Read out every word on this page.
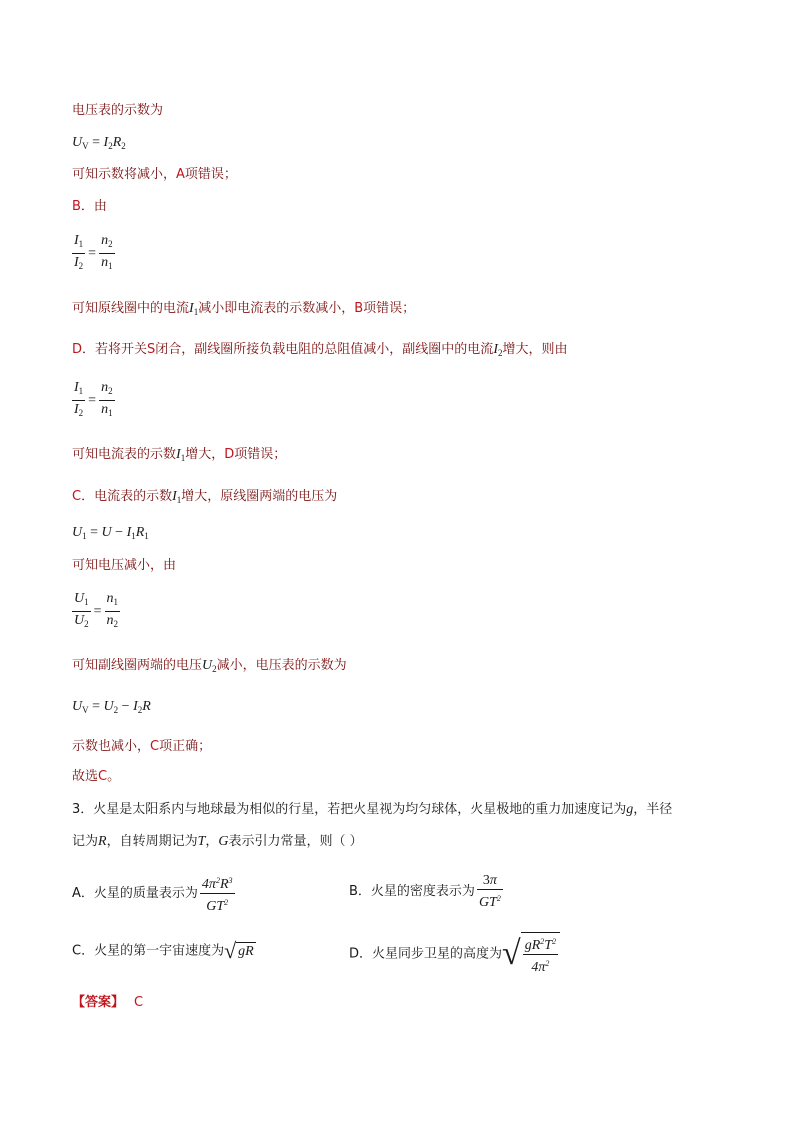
电压表的示数为
$U_V = I_2R_2$
可知示数将减小，A项错误；
B．由
$\frac{I_1}{I_2} = \frac{n_2}{n_1}$
可知原线圈中的电流$I_1$减小即电流表的示数减小，B项错误；
D．若将开关S闭合，副线圈所接负载电阻的总阻值减小，副线圈中的电流$I_2$增大，则由
$\frac{I_1}{I_2} = \frac{n_2}{n_1}$
可知电流表的示数$I_1$增大，D项错误；
C．电流表的示数$I_1$增大，原线圈两端的电压为
$U_1 = U - I_1R_1$
可知电压减小，由
$\frac{U_1}{U_2} = \frac{n_1}{n_2}$
可知副线圈两端的电压$U_2$减小，电压表的示数为
$U_V = U_2 - I_2R$
示数也减小，C项正确；
故选C。
3．火星是太阳系内与地球最为相似的行星，若把火星视为均匀球体，火星极地的重力加速度记为g，半径
记为R，自转周期记为T，G表示引力常量，则（ ）
A．火星的质量表示为 $\frac{4\pi^2R^3}{GT^2}$	B．火星的密度表示为 $\frac{3\pi}{GT^2}$
C．火星的第一宇宙速度为√ gR	D．火星同步卫星的高度为√ $\frac{gR^2T^2}{4\pi^2}$
【答案】 C
